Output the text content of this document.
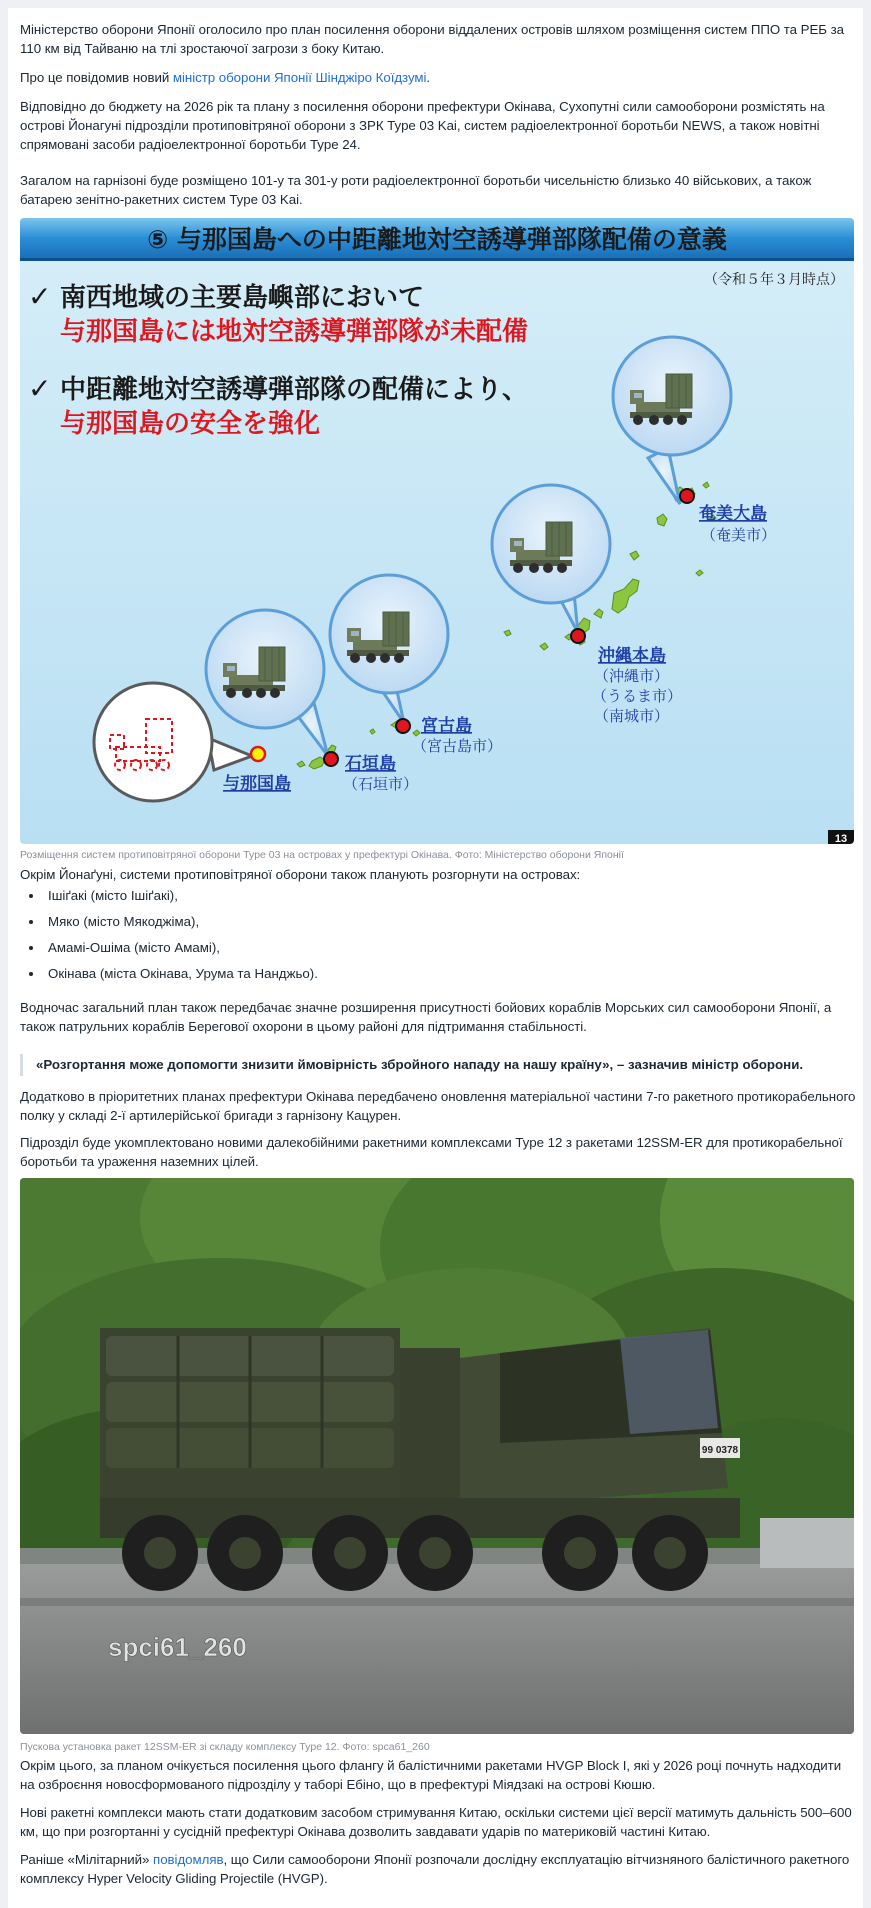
Міністерство оборони Японії оголосило про план посилення оборони віддалених островів шляхом розміщення систем ППО та РЕБ за 110 км від Тайваню на тлі зростаючої загрози з боку Китаю.

Про це повідомив новий міністр оборони Японії Шінджіро Коїдзумі.

Відповідно до бюджету на 2026 рік та плану з посилення оборони префектури Окінава, Сухопутні сили самооборони розмістять на острові Йонагуні підрозділи протиповітряної оборони з ЗРК Type 03 Kai, систем радіоелектронної боротьби NEWS, а також новітні спрямовані засоби радіоелектронної боротьби Type 24.

Загалом на гарнізоні буде розміщено 101-у та 301-у роти радіоелектронної боротьби чисельністю близько 40 військових, а також батарею зенітно-ракетних систем Type 03 Kai.

⑤ 与那国島への中距離地対空誘導弾部隊配備の意義
（令和５年３月時点）
✓ 南西地域の主要島嶼部において
与那国島には地対空誘導弾部隊が未配備
✓ 中距離地対空誘導弾部隊の配備により、
与那国島の安全を強化
奄美大島
（奄美市）
沖縄本島
（沖縄市）
（うるま市）
（南城市）
宮古島
（宮古島市）
石垣島
（石垣市）
与那国島
13
Розміщення систем протиповітряної оборони Type 03 на островах у префектурі Окінава. Фото: Міністерство оборони Японії

Окрім Йонаґуні, системи протиповітряної оборони також планують розгорнути на островах:

• Ішіґакі (місто Ішіґакі),
• Мяко (місто Мякоджіма),
• Амамі-Ошіма (місто Амамі),
• Окінава (міста Окінава, Урума та Нанджьо).

Водночас загальний план також передбачає значне розширення присутності бойових кораблів Морських сил самооборони Японії, а також патрульних кораблів Берегової охорони в цьому районі для підтримання стабільності.

«Розгортання може допомогти знизити ймовірність збройного нападу на нашу країну», – зазначив міністр оборони.

Додатково в пріоритетних планах префектури Окінава передбачено оновлення матеріальної частини 7-го ракетного протикорабельного полку у складі 2-ї артилерійської бригади з гарнізону Кацурен.

Підрозділ буде укомплектовано новими далекобійними ракетними комплексами Type 12 з ракетами 12SSM-ER для протикорабельної боротьби та ураження наземних цілей.

99 0378
spci61_260
Пускова установка ракет 12SSM-ER зі складу комплексу Type 12. Фото: spca61_260

Окрім цього, за планом очікується посилення цього флангу й балістичними ракетами HVGP Block I, які у 2026 році почнуть надходити на озброєння новосформованого підрозділу у таборі Ебіно, що в префектурі Міядзакі на острові Кюшю.

Нові ракетні комплекси мають стати додатковим засобом стримування Китаю, оскільки системи цієї версії матимуть дальність 500–600 км, що при розгортанні у сусідній префектурі Окінава дозволить завдавати ударів по материковій частині Китаю.

Раніше «Мілітарний» повідомляв, що Сили самооборони Японії розпочали дослідну експлуатацію вітчизняного балістичного ракетного комплексу Hyper Velocity Gliding Projectile (HVGP).
